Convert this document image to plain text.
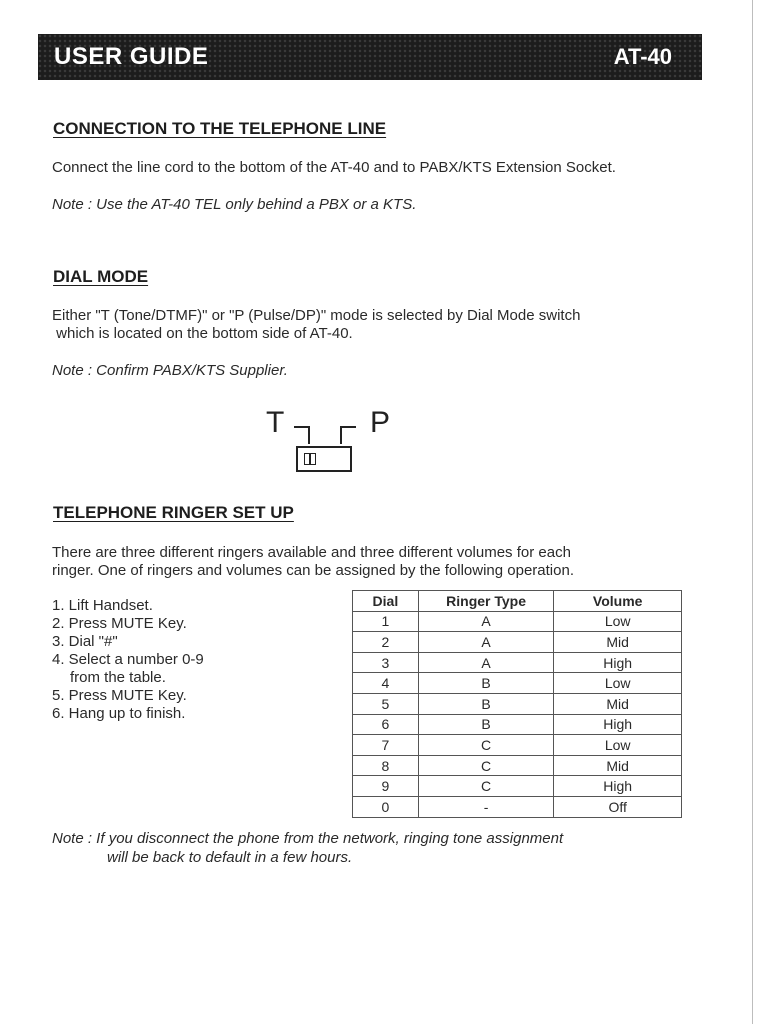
USER GUIDE	AT-40
CONNECTION TO THE TELEPHONE LINE
Connect the line cord to the bottom of the AT-40 and to PABX/KTS Extension Socket.
Note : Use the AT-40 TEL only behind a PBX or a KTS.
DIAL MODE
Either "T (Tone/DTMF)" or "P (Pulse/DP)" mode is selected by Dial Mode switch
which is located on the bottom side of AT-40.
Note : Confirm PABX/KTS Supplier.
T	P
TELEPHONE RINGER SET UP
There are three different ringers available and three different volumes for each
ringer. One of ringers and volumes can be assigned by the following operation.
1. Lift Handset.
2. Press MUTE Key.
3. Dial "#"
4. Select a number 0-9
from the table.
5. Press MUTE Key.
6. Hang up to finish.
Dial	Ringer Type	Volume
1	A	Low
2	A	Mid
3	A	High
4	B	Low
5	B	Mid
6	B	High
7	C	Low
8	C	Mid
9	C	High
0	-	Off
Note : If you disconnect the phone from the network, ringing tone assignment
will be back to default in a few hours.
